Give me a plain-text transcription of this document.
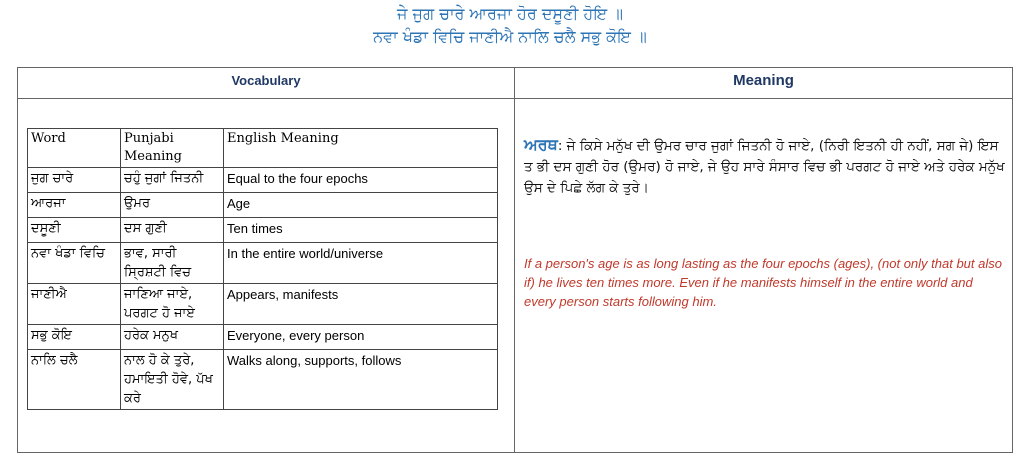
ਜੇ ਜੁਗ ਚਾਰੇ ਆਰਜਾ ਹੋਰ ਦਸੂਣੀ ਹੋਇ ॥
ਨਵਾ ਖੰਡਾ ਵਿਚਿ ਜਾਣੀਐ ਨਾਲਿ ਚਲੈ ਸਭੁ ਕੋਇ ॥
Vocabulary	Meaning
Word	Punjabi Meaning	English Meaning
ਜੁਗ ਚਾਰੇ	ਚਹੁੰ ਜੁਗਾਂ ਜਿਤਨੀ	Equal to the four epochs
ਆਰਜਾ	ਉਮਰ	Age
ਦਸੂਣੀ	ਦਸ ਗੁਣੀ	Ten times
ਨਵਾ ਖੰਡਾ ਵਿਚਿ	ਭਾਵ, ਸਾਰੀ ਸ੍ਰਿਸ਼ਟੀ ਵਿਚ	In the entire world/universe
ਜਾਣੀਐ	ਜਾਣਿਆ ਜਾਏ, ਪਰਗਟ ਹੋ ਜਾਏ	Appears, manifests
ਸਭੁ ਕੋਇ	ਹਰੇਕ ਮਨੁਖ	Everyone, every person
ਨਾਲਿ ਚਲੈ	ਨਾਲ ਹੋ ਕੇ ਤੁਰੇ, ਹਮਾਇਤੀ ਹੋਵੇ, ਪੱਖ ਕਰੇ	Walks along, supports, follows
ਅਰਥ: ਜੇ ਕਿਸੇ ਮਨੁੱਖ ਦੀ ਉਮਰ ਚਾਰ ਜੁਗਾਂ ਜਿਤਨੀ ਹੋ ਜਾਏ, (ਨਿਰੀ ਇਤਨੀ ਹੀ ਨਹੀਂ, ਸਗ ਜੇ) ਇਸ ਤ ਭੀ ਦਸ ਗੁਣੀ ਹੋਰ (ਉਮਰ) ਹੋ ਜਾਏ, ਜੇ ਉਹ ਸਾਰੇ ਸੰਸਾਰ ਵਿਚ ਭੀ ਪਰਗਟ ਹੋ ਜਾਏ ਅਤੇ ਹਰੇਕ ਮਨੁੱਖ ਉਸ ਦੇ ਪਿਛੇ ਲੱਗ ਕੇ ਤੁਰੇ।
If a person's age is as long lasting as the four epochs (ages), (not only that but also if) he lives ten times more. Even if he manifests himself in the entire world and every person starts following him.
